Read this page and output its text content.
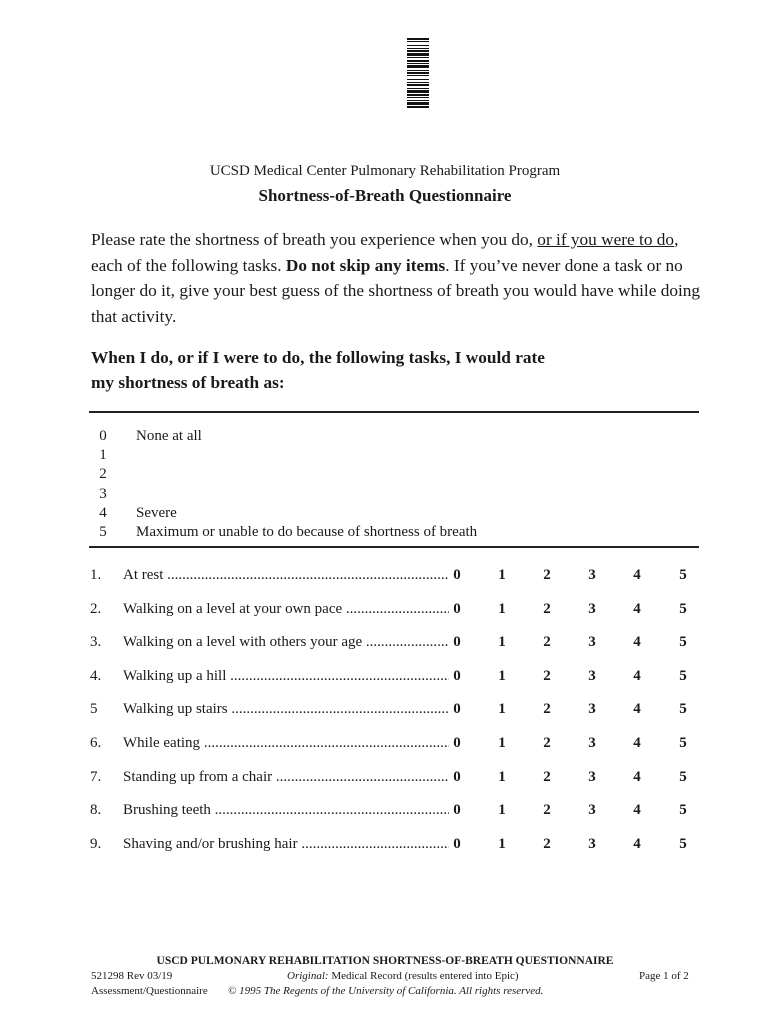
UCSD Medical Center Pulmonary Rehabilitation Program
Shortness-of-Breath Questionnaire
Please rate the shortness of breath you experience when you do, or if you were to do, each of the following tasks. Do not skip any items. If you’ve never done a task or no longer do it, give your best guess of the shortness of breath you would have while doing that activity.
When I do, or if I were to do, the following tasks, I would rate
my shortness of breath as:
0 None at all
1
2
3
4 Severe
5 Maximum or unable to do because of shortness of breath
1. At rest .....	0	1	2	3	4	5
2. Walking on a level at your own pace .....	0	1	2	3	4	5
3. Walking on a level with others your age .....	0	1	2	3	4	5
4. Walking up a hill .....	0	1	2	3	4	5
5 Walking up stairs .....	0	1	2	3	4	5
6. While eating .....	0	1	2	3	4	5
7. Standing up from a chair .....	0	1	2	3	4	5
8. Brushing teeth .....	0	1	2	3	4	5
9. Shaving and/or brushing hair .....	0	1	2	3	4	5
USCD PULMONARY REHABILITATION SHORTNESS-OF-BREATH QUESTIONNAIRE
521298 Rev 03/19
Assessment/Questionnaire
Original: Medical Record (results entered into Epic)
© 1995 The Regents of the University of California. All rights reserved.
Page 1 of 2
